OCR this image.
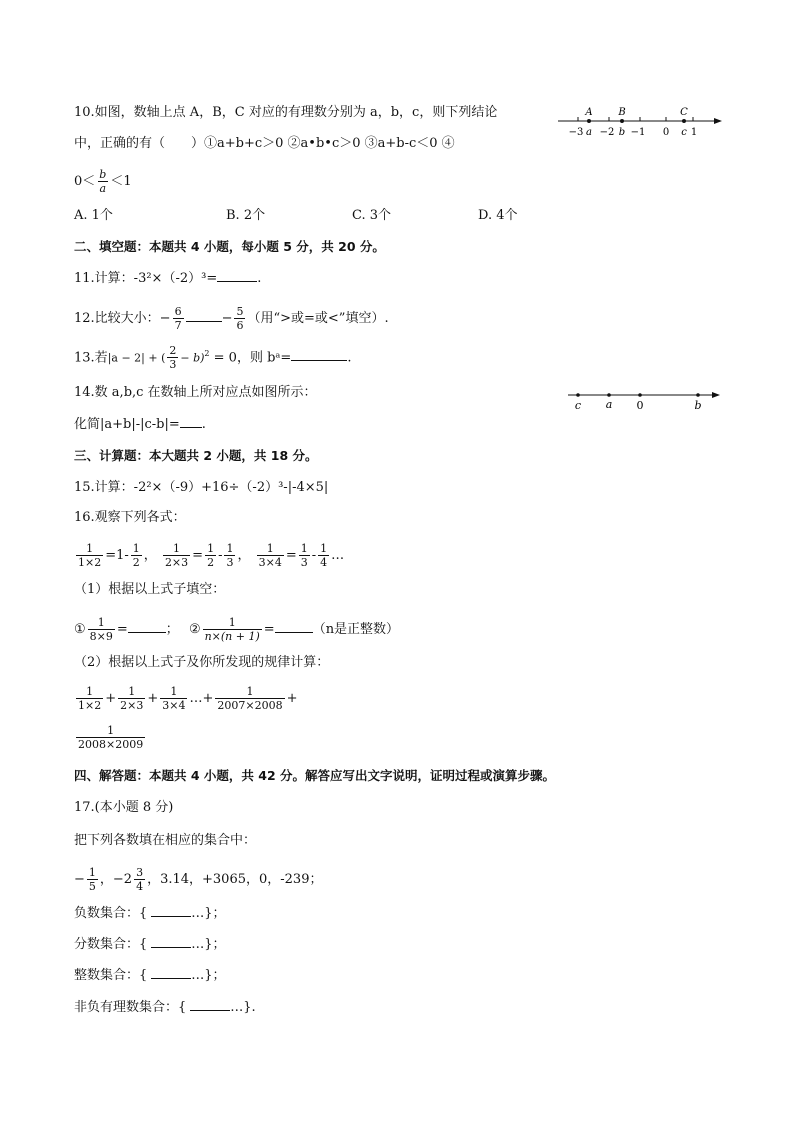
10.如图，数轴上点 A，B，C 对应的有理数分别为 a，b，c，则下列结论
中，正确的有（　　）①a+b+c＞0 ②a•b•c＞0 ③a+b-c＜0 ④
$0< \frac{b}{a} <1$
A	B	C
−3 a −2 b −1 0 c 1
A. 1个	B. 2个	C. 3个	D. 4个
二、填空题：本题共 4 小题，每小题 5 分，共 20 分。
11.计算：-3²×（-2）³=	.
12.比较大小：− $\frac{6}{7}$	− $\frac{5}{6}$ （用“>或=或<”填空）.
13.若|a − 2| + ( $\frac{2}{3} - b)^2 = 0$，则 bᵃ=	.
14.数 a,b,c 在数轴上所对应点如图所示：
化简|a+b|-|c-b|= .
c a 0	b
三、计算题：本大题共 2 小题，共 18 分。
15.计算：-2²×（-9）+16÷（-2）³-|-4×5|
16.观察下列各式：
$\frac{1}{1\times 2} =1- \frac{1}{2}$ ， $\frac{1}{2\times 3} = \frac{1}{2} - \frac{1}{3}$ ， $\frac{1}{3\times 4} = \frac{1}{3} - \frac{1}{4}$ …
（1）根据以上式子填空：
① $\frac{1}{8\times 9}$ =	； ② $\frac{1}{n\times(n + 1)}$ =	（n是正整数）
（2）根据以上式子及你所发现的规律计算：
$\frac{1}{1\times 2} + \frac{1}{2\times 3} + \frac{1}{3\times 4}$ …+ $\frac{1}{2007\times 2008}$ +
$\frac{1}{2008\times 2009}$
四、解答题：本题共 4 小题，共 42 分。解答应写出文字说明，证明过程或演算步骤。
17.(本小题 8 分)
把下列各数填在相应的集合中：
− $\frac{1}{5}$ ，$-2 \frac{3}{4}$ ，3.14，+3065，0，-239；
负数集合：{	…}；
分数集合：{	…}；
整数集合：{	…}；
非负有理数集合：{	…}.
